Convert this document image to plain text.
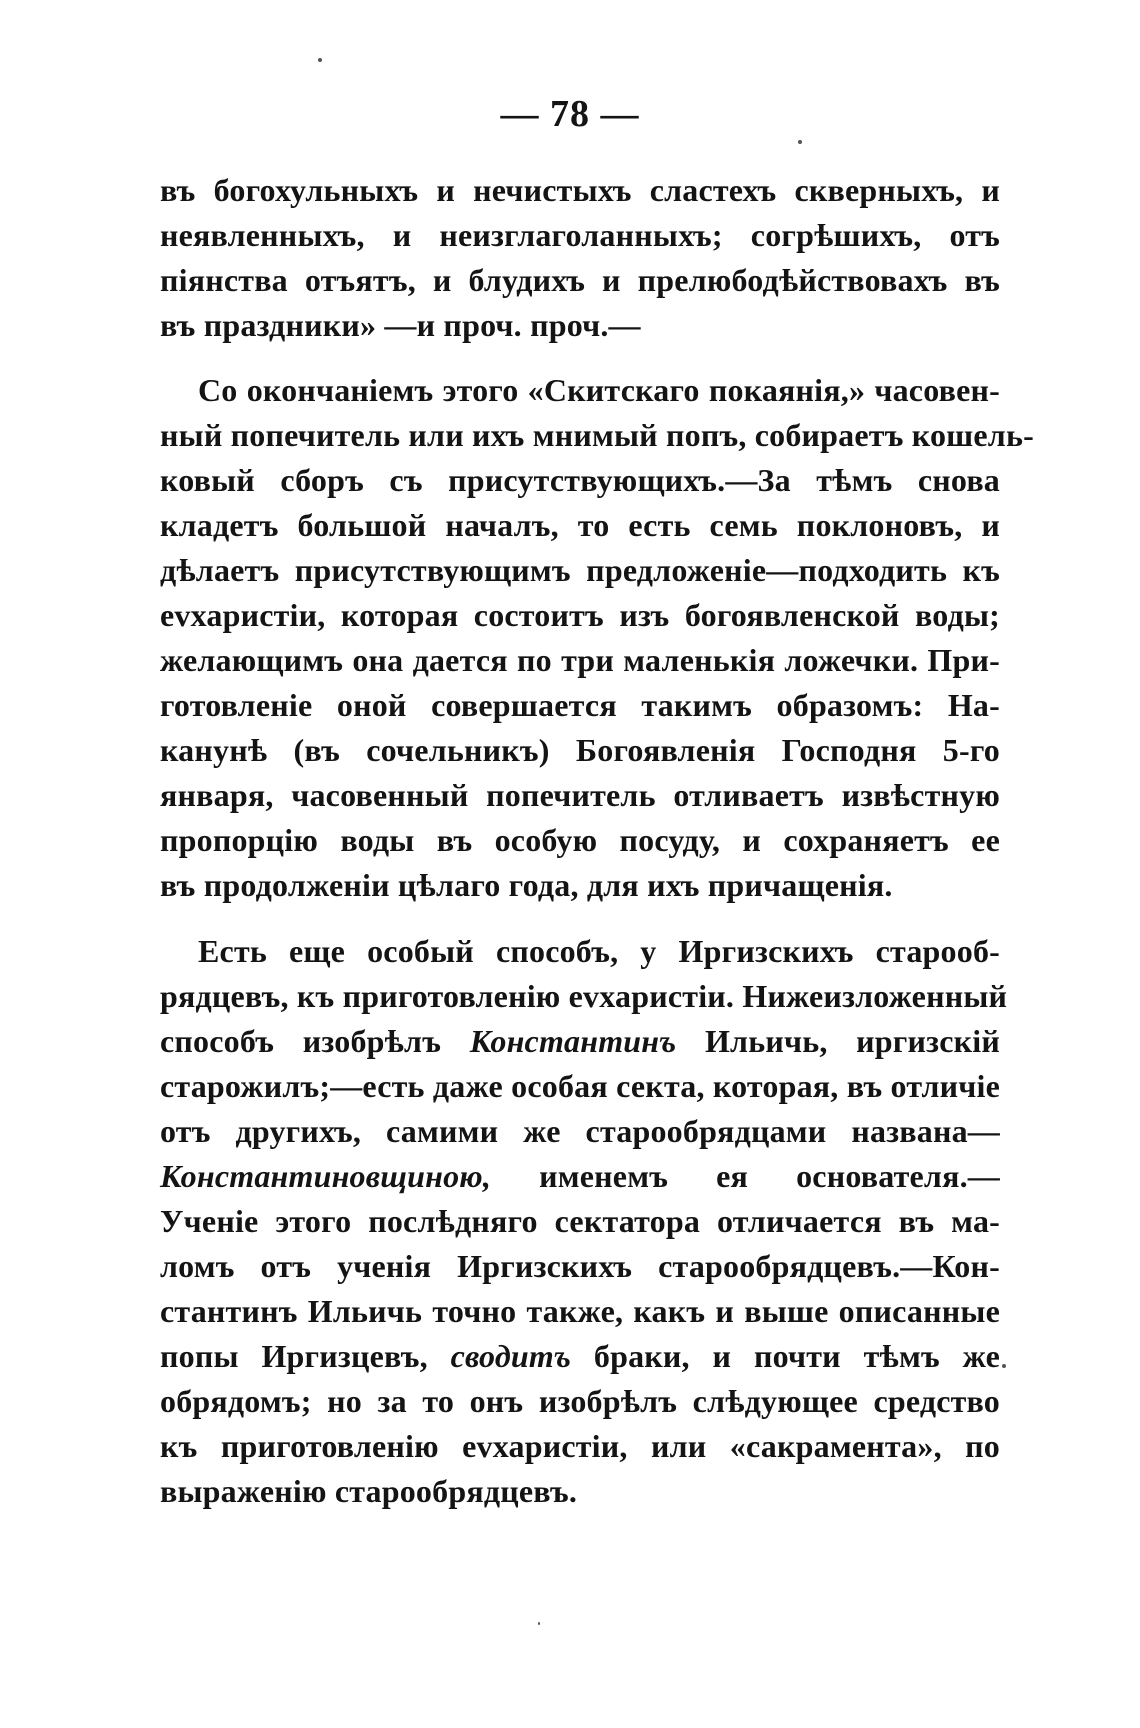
— 78 —
въ богохульныхъ и нечистыхъ сластехъ скверныхъ, и
неявленныхъ, и неизглаголанныхъ; согрѣшихъ, отъ
піянства отъятъ, и блудихъ и прелюбодѣйствовахъ въ
въ праздники» —и проч. проч.—
Со окончаніемъ этого «Скитскаго покаянія,» часовен-
ный попечитель или ихъ мнимый попъ, собираетъ кошель-
ковый сборъ съ присутствующихъ.—За тѣмъ снова
кладетъ большой началъ, то есть семь поклоновъ, и
дѣлаетъ присутствующимъ предложеніе—подходить къ
еvхаристіи, которая состоитъ изъ богоявленской воды;
желающимъ она дается по три маленькія ложечки. При-
готовленіе оной совершается такимъ образомъ: На-
канунѣ (въ сочельникъ) Богоявленія Господня 5-го
января, часовенный попечитель отливаетъ извѣстную
пропорцію воды въ особую посуду, и сохраняетъ ее
въ продолженіи цѣлаго года, для ихъ причащенія.
Есть еще особый способъ, у Иргизскихъ старооб-
рядцевъ, къ приготовленію еvхаристіи. Нижеизложенный
способъ изобрѣлъ Константинъ Ильичь, иргизскій
старожилъ;—есть даже особая секта, которая, въ отличіе
отъ другихъ, самими же старообрядцами названа—
Константиновщиною, именемъ ея основателя.—
Ученіе этого послѣдняго сектатора отличается въ ма-
ломъ отъ ученія Иргизскихъ старообрядцевъ.—Кон-
стантинъ Ильичь точно также, какъ и выше описанные
попы Иргизцевъ, сводитъ браки, и почти тѣмъ же
обрядомъ; но за то онъ изобрѣлъ слѣдующее средство
къ приготовленію еvхаристіи, или «сакрамента», по
выраженію старообрядцевъ.
